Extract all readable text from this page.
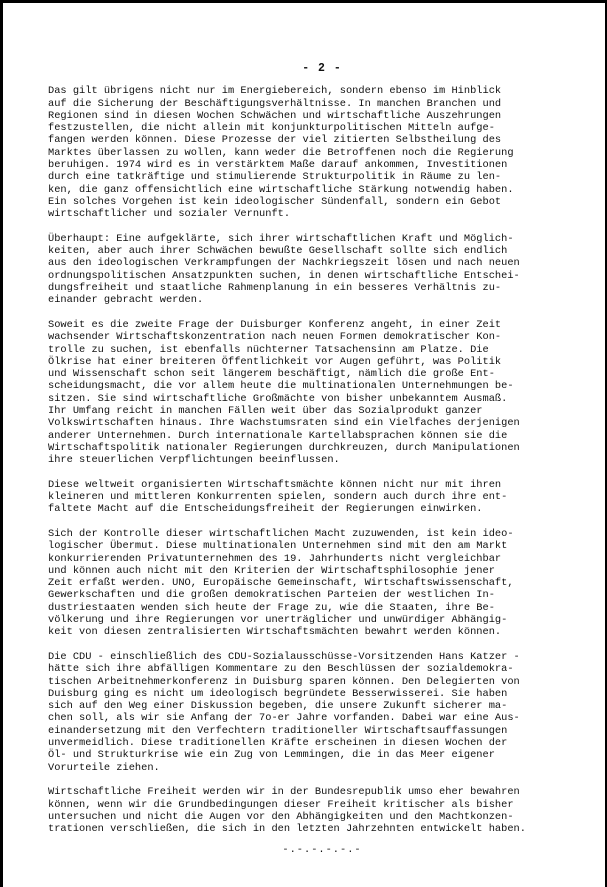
- 2 -
Das gilt übrigens nicht nur im Energiebereich, sondern ebenso im Hinblick
auf die Sicherung der Beschäftigungsverhältnisse. In manchen Branchen und
Regionen sind in diesen Wochen Schwächen und wirtschaftliche Auszehrungen
festzustellen, die nicht allein mit konjunkturpolitischen Mitteln aufge-
fangen werden können. Diese Prozesse der viel zitierten Selbstheilung des
Marktes überlassen zu wollen, kann weder die Betroffenen noch die Regierung
beruhigen. 1974 wird es in verstärktem Maße darauf ankommen, Investitionen
durch eine tatkräftige und stimulierende Strukturpolitik in Räume zu len-
ken, die ganz offensichtlich eine wirtschaftliche Stärkung notwendig haben.
Ein solches Vorgehen ist kein ideologischer Sündenfall, sondern ein Gebot
wirtschaftlicher und sozialer Vernunft.
Überhaupt: Eine aufgeklärte, sich ihrer wirtschaftlichen Kraft und Möglich-
keiten, aber auch ihrer Schwächen bewußte Gesellschaft sollte sich endlich
aus den ideologischen Verkrampfungen der Nachkriegszeit lösen und nach neuen
ordnungspolitischen Ansatzpunkten suchen, in denen wirtschaftliche Entschei-
dungsfreiheit und staatliche Rahmenplanung in ein besseres Verhältnis zu-
einander gebracht werden.
Soweit es die zweite Frage der Duisburger Konferenz angeht, in einer Zeit
wachsender Wirtschaftskonzentration nach neuen Formen demokratischer Kon-
trolle zu suchen, ist ebenfalls nüchterner Tatsachensinn am Platze. Die
Ölkrise hat einer breiteren Öffentlichkeit vor Augen geführt, was Politik
und Wissenschaft schon seit längerem beschäftigt, nämlich die große Ent-
scheidungsmacht, die vor allem heute die multinationalen Unternehmungen be-
sitzen. Sie sind wirtschaftliche Großmächte von bisher unbekanntem Ausmaß.
Ihr Umfang reicht in manchen Fällen weit über das Sozialprodukt ganzer
Volkswirtschaften hinaus. Ihre Wachstumsraten sind ein Vielfaches derjenigen
anderer Unternehmen. Durch internationale Kartellabsprachen können sie die
Wirtschaftspolitik nationaler Regierungen durchkreuzen, durch Manipulationen
ihre steuerlichen Verpflichtungen beeinflussen.
Diese weltweit organisierten Wirtschaftsmächte können nicht nur mit ihren
kleineren und mittleren Konkurrenten spielen, sondern auch durch ihre ent-
faltete Macht auf die Entscheidungsfreiheit der Regierungen einwirken.
Sich der Kontrolle dieser wirtschaftlichen Macht zuzuwenden, ist kein ideo-
logischer Übermut. Diese multinationalen Unternehmen sind mit den am Markt
konkurrierenden Privatunternehmen des 19. Jahrhunderts nicht vergleichbar
und können auch nicht mit den Kriterien der Wirtschaftsphilosophie jener
Zeit erfaßt werden. UNO, Europäische Gemeinschaft, Wirtschaftswissenschaft,
Gewerkschaften und die großen demokratischen Parteien der westlichen In-
dustriestaaten wenden sich heute der Frage zu, wie die Staaten, ihre Be-
völkerung und ihre Regierungen vor unerträglicher und unwürdiger Abhängig-
keit von diesen zentralisierten Wirtschaftsmächten bewahrt werden können.
Die CDU - einschließlich des CDU-Sozialausschüsse-Vorsitzenden Hans Katzer -
hätte sich ihre abfälligen Kommentare zu den Beschlüssen der sozialdemokra-
tischen Arbeitnehmerkonferenz in Duisburg sparen können. Den Delegierten von
Duisburg ging es nicht um ideologisch begründete Besserwisserei. Sie haben
sich auf den Weg einer Diskussion begeben, die unsere Zukunft sicherer ma-
chen soll, als wir sie Anfang der 7o-er Jahre vorfanden. Dabei war eine Aus-
einandersetzung mit den Verfechtern traditioneller Wirtschaftsauffassungen
unvermeidlich. Diese traditionellen Kräfte erscheinen in diesen Wochen der
Öl- und Strukturkrise wie ein Zug von Lemmingen, die in das Meer eigener
Vorurteile ziehen.
Wirtschaftliche Freiheit werden wir in der Bundesrepublik umso eher bewahren
können, wenn wir die Grundbedingungen dieser Freiheit kritischer als bisher
untersuchen und nicht die Augen vor den Abhängigkeiten und den Machtkonzen-
trationen verschließen, die sich in den letzten Jahrzehnten entwickelt haben.
-.-.-.-.-.-
